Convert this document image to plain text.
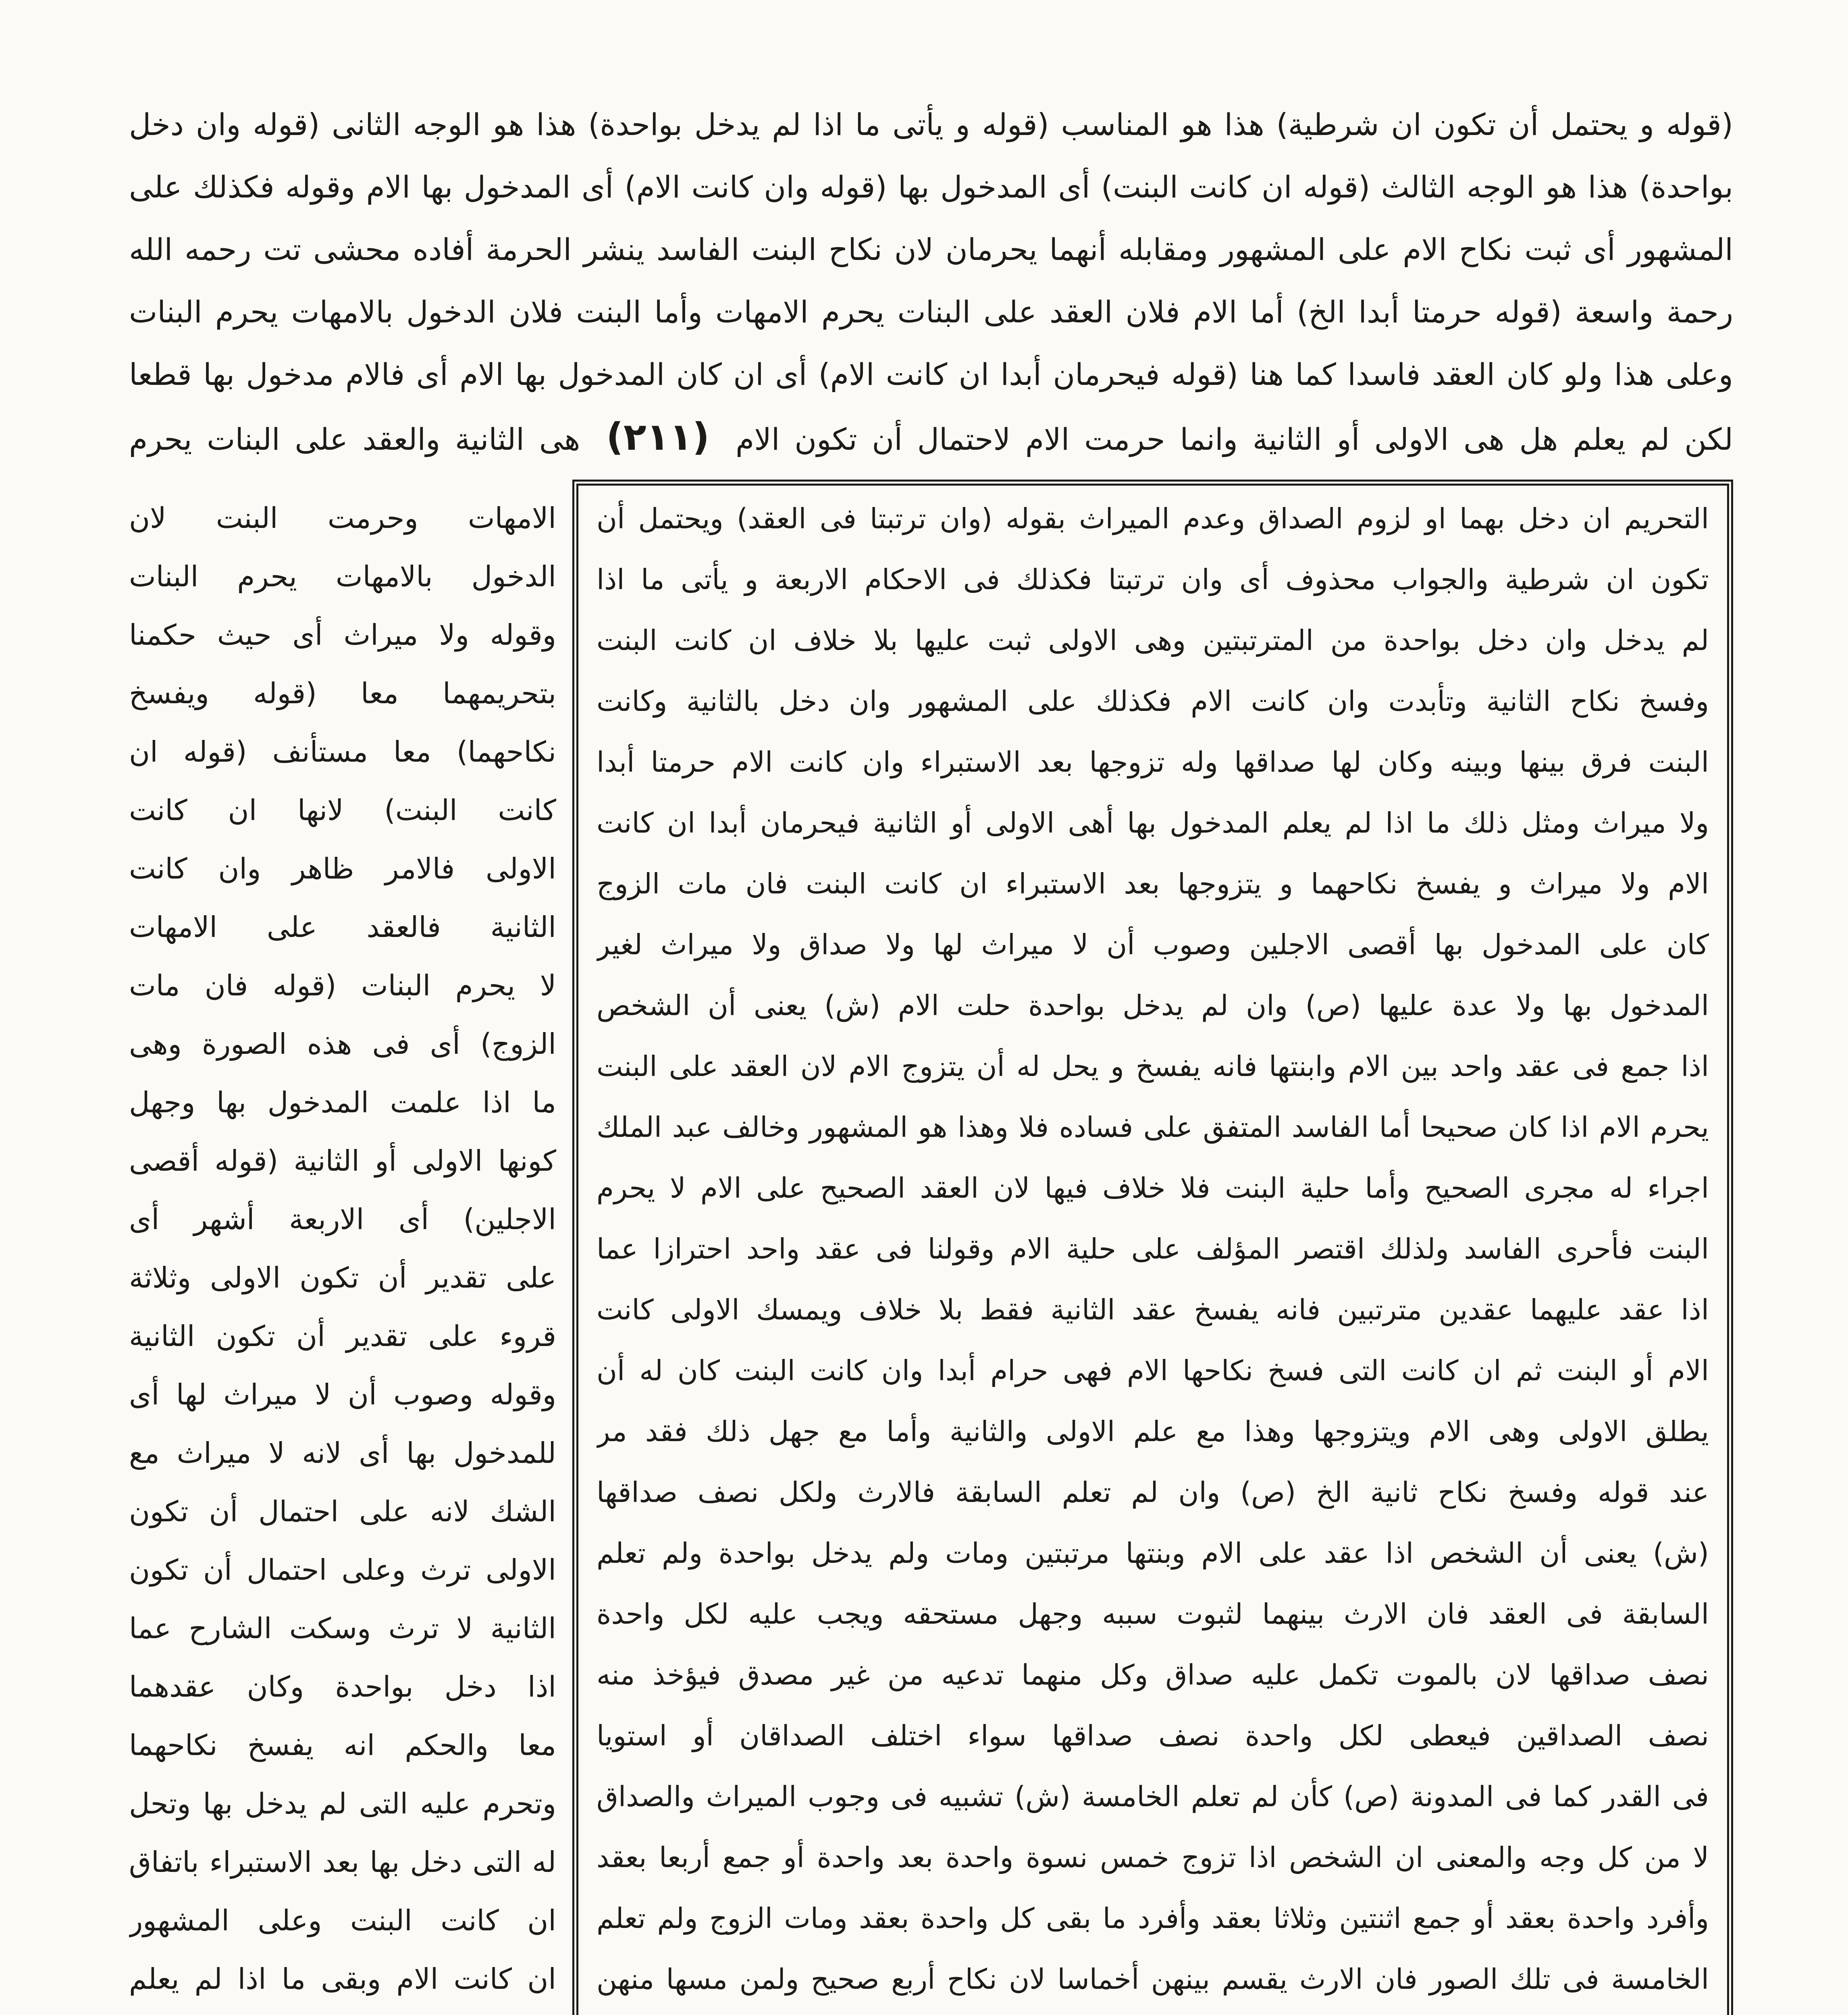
(قوله و يحتمل أن تكون ان شرطية) هذا هو المناسب (قوله و يأتى ما اذا لم يدخل بواحدة) هذا هو الوجه الثانى (قوله وان دخل
بواحدة) هذا هو الوجه الثالث (قوله ان كانت البنت) أى المدخول بها (قوله وان كانت الام) أى المدخول بها الام وقوله فكذلك على
المشهور أى ثبت نكاح الام على المشهور ومقابله أنهما يحرمان لان نكاح البنت الفاسد ينشر الحرمة أفاده محشى تت رحمه الله
رحمة واسعة (قوله حرمتا أبدا الخ) أما الام فلان العقد على البنات يحرم الامهات وأما البنت فلان الدخول بالامهات يحرم البنات
وعلى هذا ولو كان العقد فاسدا كما هنا (قوله فيحرمان أبدا ان كانت الام) أى ان كان المدخول بها الام أى فالام مدخول بها قطعا
لكن لم يعلم هل هى الاولى أو الثانية وانما حرمت الام لاحتمال أن تكون الام (٢١١) هى الثانية والعقد على البنات يحرم
التحريم ان دخل بهما او لزوم الصداق وعدم الميراث بقوله (وان ترتبتا فى العقد) ويحتمل أن
تكون ان شرطية والجواب محذوف أى وان ترتبتا فكذلك فى الاحكام الاربعة و يأتى ما اذا
لم يدخل وان دخل بواحدة من المترتبتين وهى الاولى ثبت عليها بلا خلاف ان كانت البنت
وفسخ نكاح الثانية وتأبدت وان كانت الام فكذلك على المشهور وان دخل بالثانية وكانت
البنت فرق بينها وبينه وكان لها صداقها وله تزوجها بعد الاستبراء وان كانت الام حرمتا أبدا
ولا ميراث ومثل ذلك ما اذا لم يعلم المدخول بها أهى الاولى أو الثانية فيحرمان أبدا ان كانت
الام ولا ميراث و يفسخ نكاحهما و يتزوجها بعد الاستبراء ان كانت البنت فان مات الزوج
كان على المدخول بها أقصى الاجلين وصوب أن لا ميراث لها ولا صداق ولا ميراث لغير
المدخول بها ولا عدة عليها (ص) وان لم يدخل بواحدة حلت الام (ش) يعنى أن الشخص
اذا جمع فى عقد واحد بين الام وابنتها فانه يفسخ و يحل له أن يتزوج الام لان العقد على البنت
يحرم الام اذا كان صحيحا أما الفاسد المتفق على فساده فلا وهذا هو المشهور وخالف عبد الملك
اجراء له مجرى الصحيح وأما حلية البنت فلا خلاف فيها لان العقد الصحيح على الام لا يحرم
البنت فأحرى الفاسد ولذلك اقتصر المؤلف على حلية الام وقولنا فى عقد واحد احترازا عما
اذا عقد عليهما عقدين مترتبين فانه يفسخ عقد الثانية فقط بلا خلاف ويمسك الاولى كانت
الام أو البنت ثم ان كانت التى فسخ نكاحها الام فهى حرام أبدا وان كانت البنت كان له أن
يطلق الاولى وهى الام ويتزوجها وهذا مع علم الاولى والثانية وأما مع جهل ذلك فقد مر
عند قوله وفسخ نكاح ثانية الخ (ص) وان لم تعلم السابقة فالارث ولكل نصف صداقها
(ش) يعنى أن الشخص اذا عقد على الام وبنتها مرتبتين ومات ولم يدخل بواحدة ولم تعلم
السابقة فى العقد فان الارث بينهما لثبوت سببه وجهل مستحقه ويجب عليه لكل واحدة
نصف صداقها لان بالموت تكمل عليه صداق وكل منهما تدعيه من غير مصدق فيؤخذ منه
نصف الصداقين فيعطى لكل واحدة نصف صداقها سواء اختلف الصداقان أو استويا
فى القدر كما فى المدونة (ص) كأن لم تعلم الخامسة (ش) تشبيه فى وجوب الميراث والصداق
لا من كل وجه والمعنى ان الشخص اذا تزوج خمس نسوة واحدة بعد واحدة أو جمع أربعا بعقد
وأفرد واحدة بعقد أو جمع اثنتين وثلاثا بعقد وأفرد ما بقى كل واحدة بعقد ومات الزوج ولم تعلم
الخامسة فى تلك الصور فان الارث يقسم بينهن أخماسا لان نكاح أربع صحيح ولمن مسها منهن
الامهات وحرمت البنت لان
الدخول بالامهات يحرم البنات
وقوله ولا ميراث أى حيث حكمنا
بتحريمهما معا (قوله ويفسخ
نكاحهما) معا مستأنف (قوله ان
كانت البنت) لانها ان كانت
الاولى فالامر ظاهر وان كانت
الثانية فالعقد على الامهات
لا يحرم البنات (قوله فان مات
الزوج) أى فى هذه الصورة وهى
ما اذا علمت المدخول بها وجهل
كونها الاولى أو الثانية (قوله أقصى
الاجلين) أى الاربعة أشهر أى
على تقدير أن تكون الاولى وثلاثة
قروء على تقدير أن تكون الثانية
وقوله وصوب أن لا ميراث لها أى
للمدخول بها أى لانه لا ميراث مع
الشك لانه على احتمال أن تكون
الاولى ترث وعلى احتمال أن تكون
الثانية لا ترث وسكت الشارح عما
اذا دخل بواحدة وكان عقدهما
معا والحكم انه يفسخ نكاحهما
وتحرم عليه التى لم يدخل بها وتحل
له التى دخل بها بعد الاستبراء باتفاق
ان كانت البنت وعلى المشهور
ان كانت الام وبقى ما اذا لم يعلم
